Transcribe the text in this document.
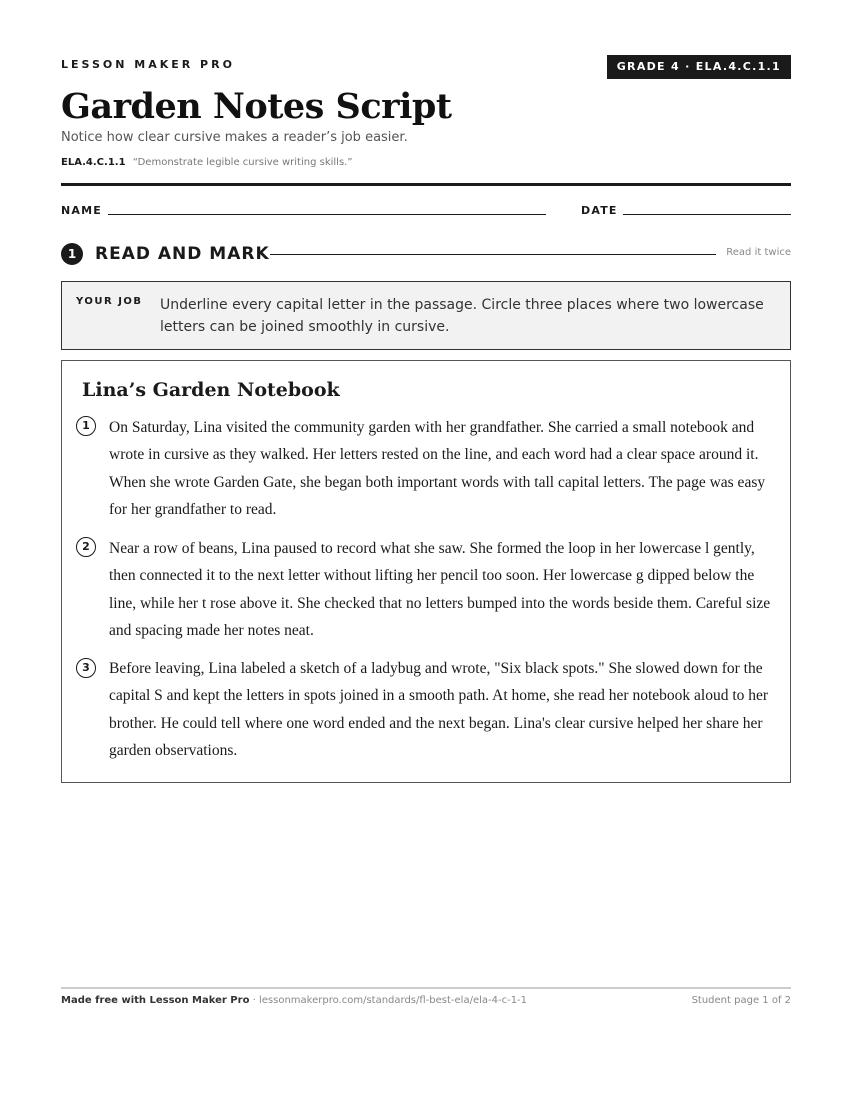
LESSON MAKER PRO	GRADE 4 · ELA.4.C.1.1
Garden Notes Script
Notice how clear cursive makes a reader’s job easier.
ELA.4.C.1.1 “Demonstrate legible cursive writing skills.”
NAME	DATE
1	READ AND MARK	Read it twice
YOUR JOB Underline every capital letter in the passage. Circle three places where two lowercase letters can be joined smoothly in cursive.
Lina’s Garden Notebook
1	On Saturday, Lina visited the community garden with her grandfather. She carried a small notebook and wrote in cursive as they walked. Her letters rested on the line, and each word had a clear space around it. When she wrote Garden Gate, she began both important words with tall capital letters. The page was easy for her grandfather to read.
2	Near a row of beans, Lina paused to record what she saw. She formed the loop in her lowercase l gently, then connected it to the next letter without lifting her pencil too soon. Her lowercase g dipped below the line, while her t rose above it. She checked that no letters bumped into the words beside them. Careful size and spacing made her notes neat.
3	Before leaving, Lina labeled a sketch of a ladybug and wrote, "Six black spots." She slowed down for the capital S and kept the letters in spots joined in a smooth path. At home, she read her notebook aloud to her brother. He could tell where one word ended and the next began. Lina's clear cursive helped her share her garden observations.
Made free with Lesson Maker Pro · lessonmakerpro.com/standards/fl-best-ela/ela-4-c-1-1	Student page 1 of 2
